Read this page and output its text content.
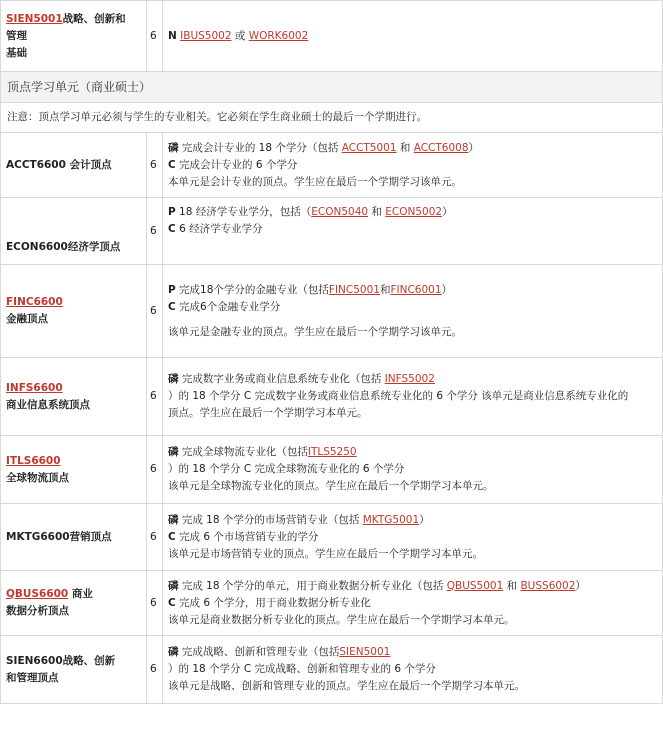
SIEN5001战略、创新和
管理
基础	6	N IBUS5002 或 WORK6002
顶点学习单元（商业硕士）		
注意：顶点学习单元必须与学生的专业相关。它必须在学生商业硕士的最后一个学期进行。		
ACCT6600 会计顶点	6	磷 完成会计专业的 18 个学分（包括 ACCT5001 和 ACCT6008）
C 完成会计专业的 6 个学分
本单元是会计专业的顶点。学生应在最后一个学期学习该单元。
ECON6600经济学顶点	6	P 18 经济学专业学分，包括（ECON5040 和 ECON5002）
C 6 经济学专业学分
FINC6600
金融顶点	6	P 完成18个学分的金融专业（包括FINC5001和FINC6001）
C 完成6个金融专业学分

该单元是金融专业的顶点。学生应在最后一个学期学习该单元。
INFS6600
商业信息系统顶点	6	磷 完成数字业务或商业信息系统专业化（包括 INFS5002
）的 18 个学分 C 完成数字业务或商业信息系统专业化的 6 个学分 该单元是商业信息系统专业化的
顶点。学生应在最后一个学期学习本单元。
ITLS6600
全球物流顶点	6	磷 完成全球物流专业化（包括ITLS5250
）的 18 个学分 C 完成全球物流专业化的 6 个学分
该单元是全球物流专业化的顶点。学生应在最后一个学期学习本单元。
MKTG6600营销顶点	6	磷 完成 18 个学分的市场营销专业（包括 MKTG5001）
C 完成 6 个市场营销专业的学分
该单元是市场营销专业的顶点。学生应在最后一个学期学习本单元。
QBUS6600 商业
数据分析顶点	6	磷 完成 18 个学分的单元，用于商业数据分析专业化（包括 QBUS5001 和 BUSS6002）
C 完成 6 个学分，用于商业数据分析专业化
该单元是商业数据分析专业化的顶点。学生应在最后一个学期学习本单元。
SIEN6600战略、创新
和管理顶点	6	磷 完成战略、创新和管理专业（包括SIEN5001
）的 18 个学分 C 完成战略、创新和管理专业的 6 个学分
该单元是战略、创新和管理专业的顶点。学生应在最后一个学期学习本单元。
